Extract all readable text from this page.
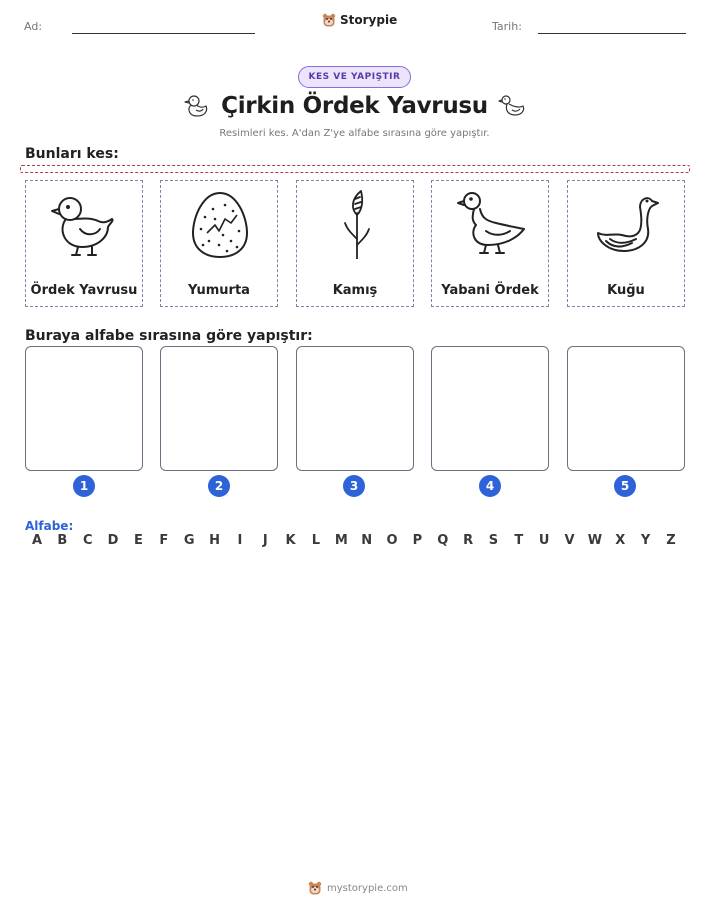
Ad:	Storypie	Tarih:
KES VE YAPIŞTIR
Çirkin Ördek Yavrusu
Resimleri kes. A'dan Z'ye alfabe sırasına göre yapıştır.
Bunları kes:
Ördek Yavrusu	Yumurta	Kamış	Yabani Ördek	Kuğu
Buraya alfabe sırasına göre yapıştır:
1	2	3	4	5
Alfabe:
A	B	C	D	E	F	G	H	I	J	K	L	M	N	O	P	Q	R	S	T	U	V	W	X	Y	Z
mystorypie.com
